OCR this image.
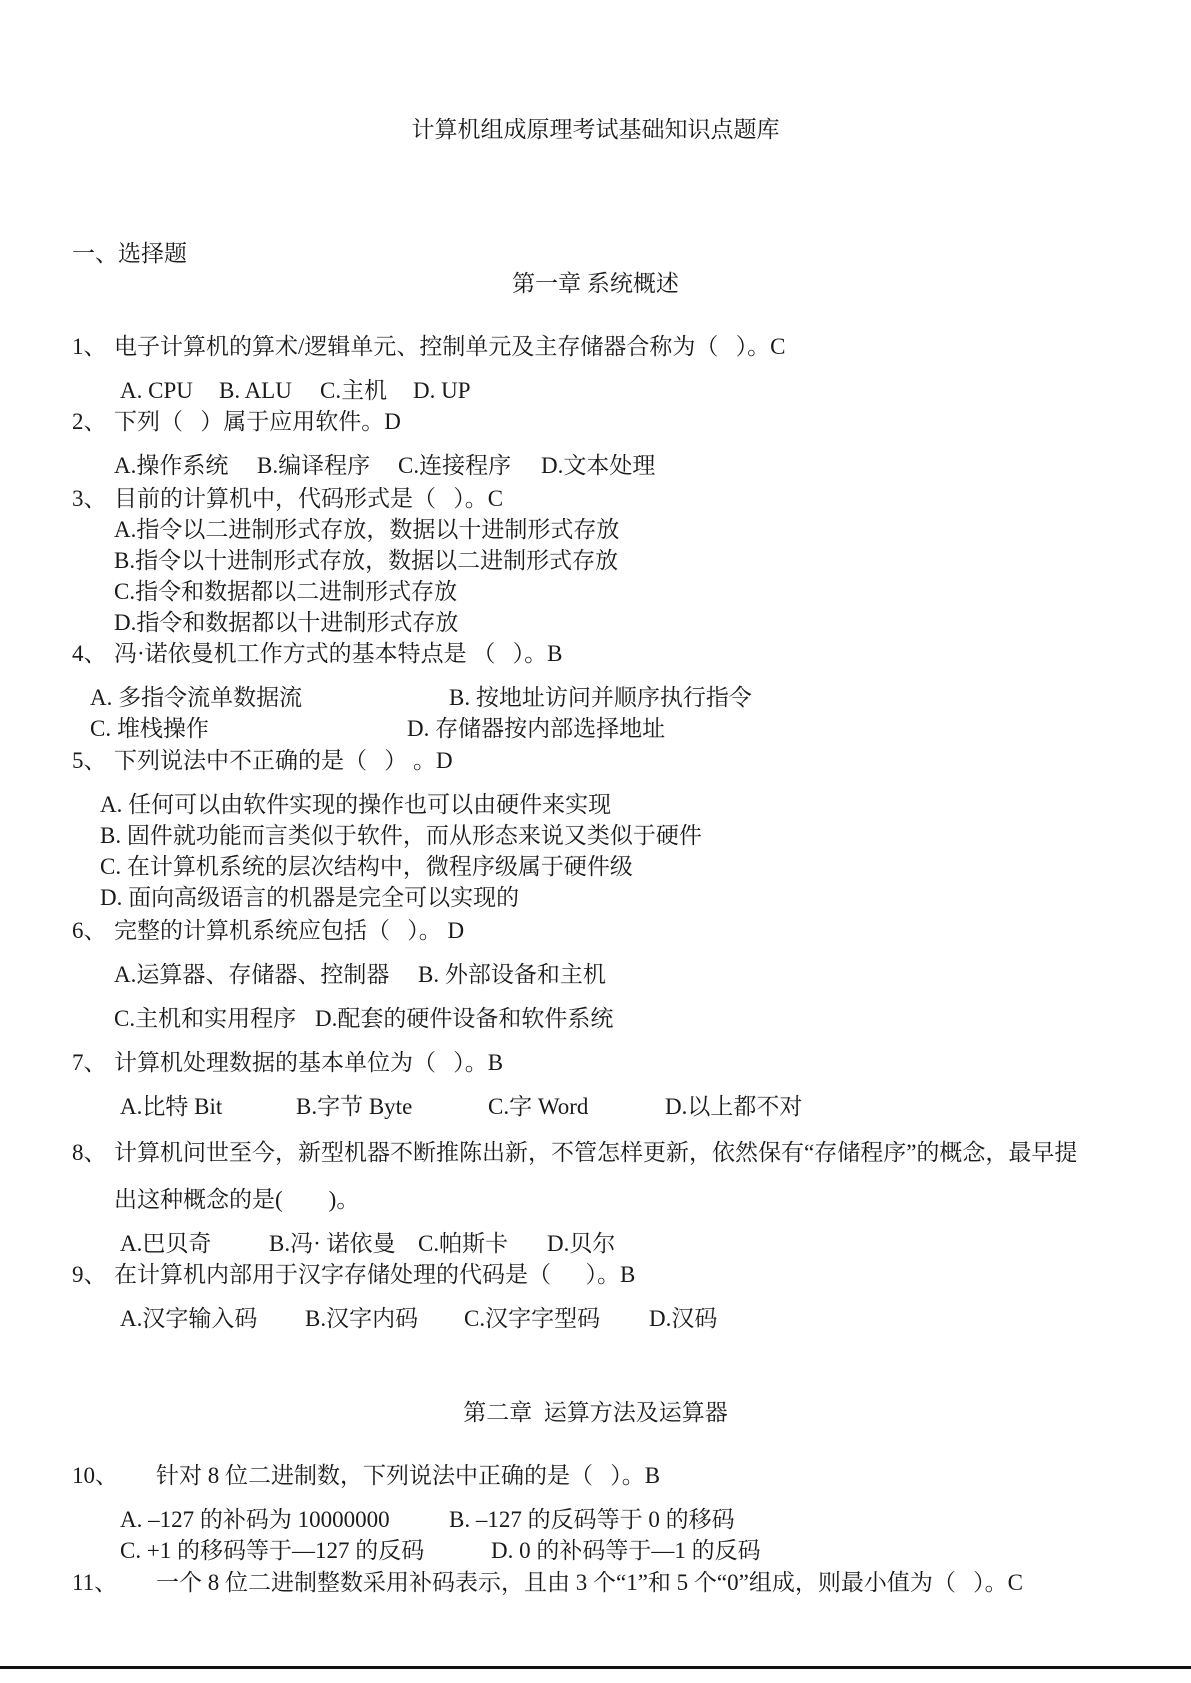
计算机组成原理考试基础知识点题库
一、选择题
第一章 系统概述
1、 电子计算机的算术/逻辑单元、控制单元及主存储器合称为（   ）。C
A. CPU B. ALU C.主机 D. UP
2、 下列（   ）属于应用软件。D
A.操作系统 B.编译程序 C.连接程序 D.文本处理
3、 目前的计算机中，代码形式是（   ）。C
A.指令以二进制形式存放，数据以十进制形式存放
B.指令以十进制形式存放，数据以二进制形式存放
C.指令和数据都以二进制形式存放
D.指令和数据都以十进制形式存放
4、 冯·诺依曼机工作方式的基本特点是 （   ）。B
A. 多指令流单数据流	B. 按地址访问并顺序执行指令
C. 堆栈操作	D. 存储器按内部选择地址
5、 下列说法中不正确的是（   ） 。D
A. 任何可以由软件实现的操作也可以由硬件来实现
B. 固件就功能而言类似于软件，而从形态来说又类似于硬件
C. 在计算机系统的层次结构中，微程序级属于硬件级
D. 面向高级语言的机器是完全可以实现的
6、 完整的计算机系统应包括（   ）。 D
A.运算器、存储器、控制器 B. 外部设备和主机
C.主机和实用程序 D.配套的硬件设备和软件系统
7、 计算机处理数据的基本单位为（   ）。B
A.比特 Bit	B.字节 Byte	C.字 Word	D.以上都不对
8、 计算机问世至今，新型机器不断推陈出新，不管怎样更新，依然保有“存储程序”的概念，最早提
出这种概念的是(        )。
A.巴贝奇	B.冯· 诺依曼 C.帕斯卡 D.贝尔
9、 在计算机内部用于汉字存储处理的代码是（      ）。B
A.汉字输入码 B.汉字内码 C.汉字字型码 D.汉码
第二章  运算方法及运算器
10、 针对 8 位二进制数，下列说法中正确的是（   ）。B
A. –127 的补码为 10000000	B. –127 的反码等于 0 的移码
C. +1 的移码等于—127 的反码	D. 0 的补码等于—1 的反码
11、 一个 8 位二进制整数采用补码表示，且由 3 个“1”和 5 个“0”组成，则最小值为（   ）。C
